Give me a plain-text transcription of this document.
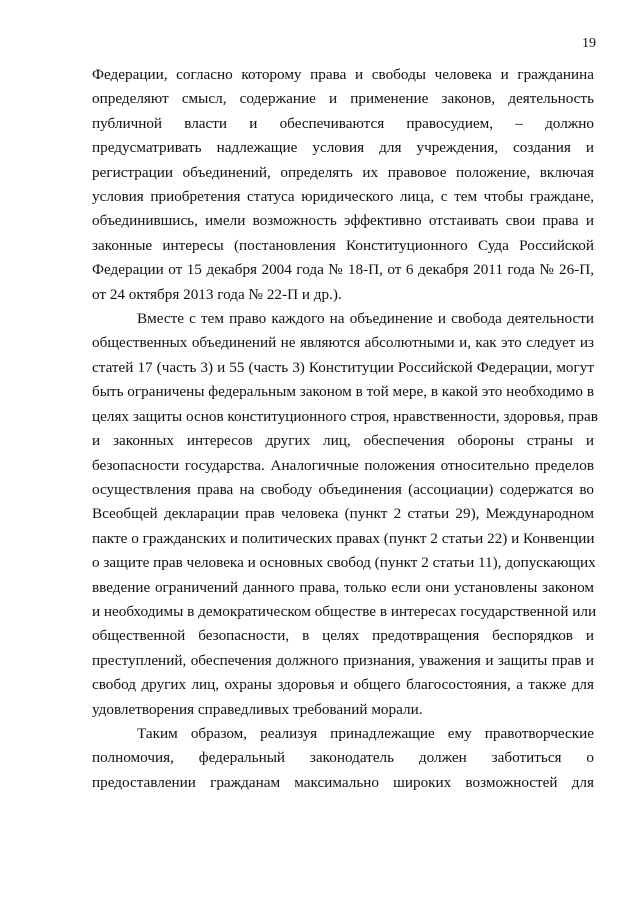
19

Федерации, согласно которому права и свободы человека и гражданина
определяют смысл, содержание и применение законов, деятельность
публичной власти и обеспечиваются правосудием, – должно
предусматривать надлежащие условия для учреждения, создания и
регистрации объединений, определять их правовое положение, включая
условия приобретения статуса юридического лица, с тем чтобы граждане,
объединившись, имели возможность эффективно отстаивать свои права и
законные интересы (постановления Конституционного Суда Российской
Федерации от 15 декабря 2004 года № 18-П, от 6 декабря 2011 года № 26-П,
от 24 октября 2013 года № 22-П и др.).

Вместе с тем право каждого на объединение и свобода деятельности
общественных объединений не являются абсолютными и, как это следует из
статей 17 (часть 3) и 55 (часть 3) Конституции Российской Федерации, могут
быть ограничены федеральным законом в той мере, в какой это необходимо в
целях защиты основ конституционного строя, нравственности, здоровья, прав
и законных интересов других лиц, обеспечения обороны страны и
безопасности государства. Аналогичные положения относительно пределов
осуществления права на свободу объединения (ассоциации) содержатся во
Всеобщей декларации прав человека (пункт 2 статьи 29), Международном
пакте о гражданских и политических правах (пункт 2 статьи 22) и Конвенции
о защите прав человека и основных свобод (пункт 2 статьи 11), допускающих
введение ограничений данного права, только если они установлены законом
и необходимы в демократическом обществе в интересах государственной или
общественной безопасности, в целях предотвращения беспорядков и
преступлений, обеспечения должного признания, уважения и защиты прав и
свобод других лиц, охраны здоровья и общего благосостояния, а также для
удовлетворения справедливых требований морали.

Таким образом, реализуя принадлежащие ему правотворческие
полномочия, федеральный законодатель должен заботиться о
предоставлении гражданам максимально широких возможностей для
